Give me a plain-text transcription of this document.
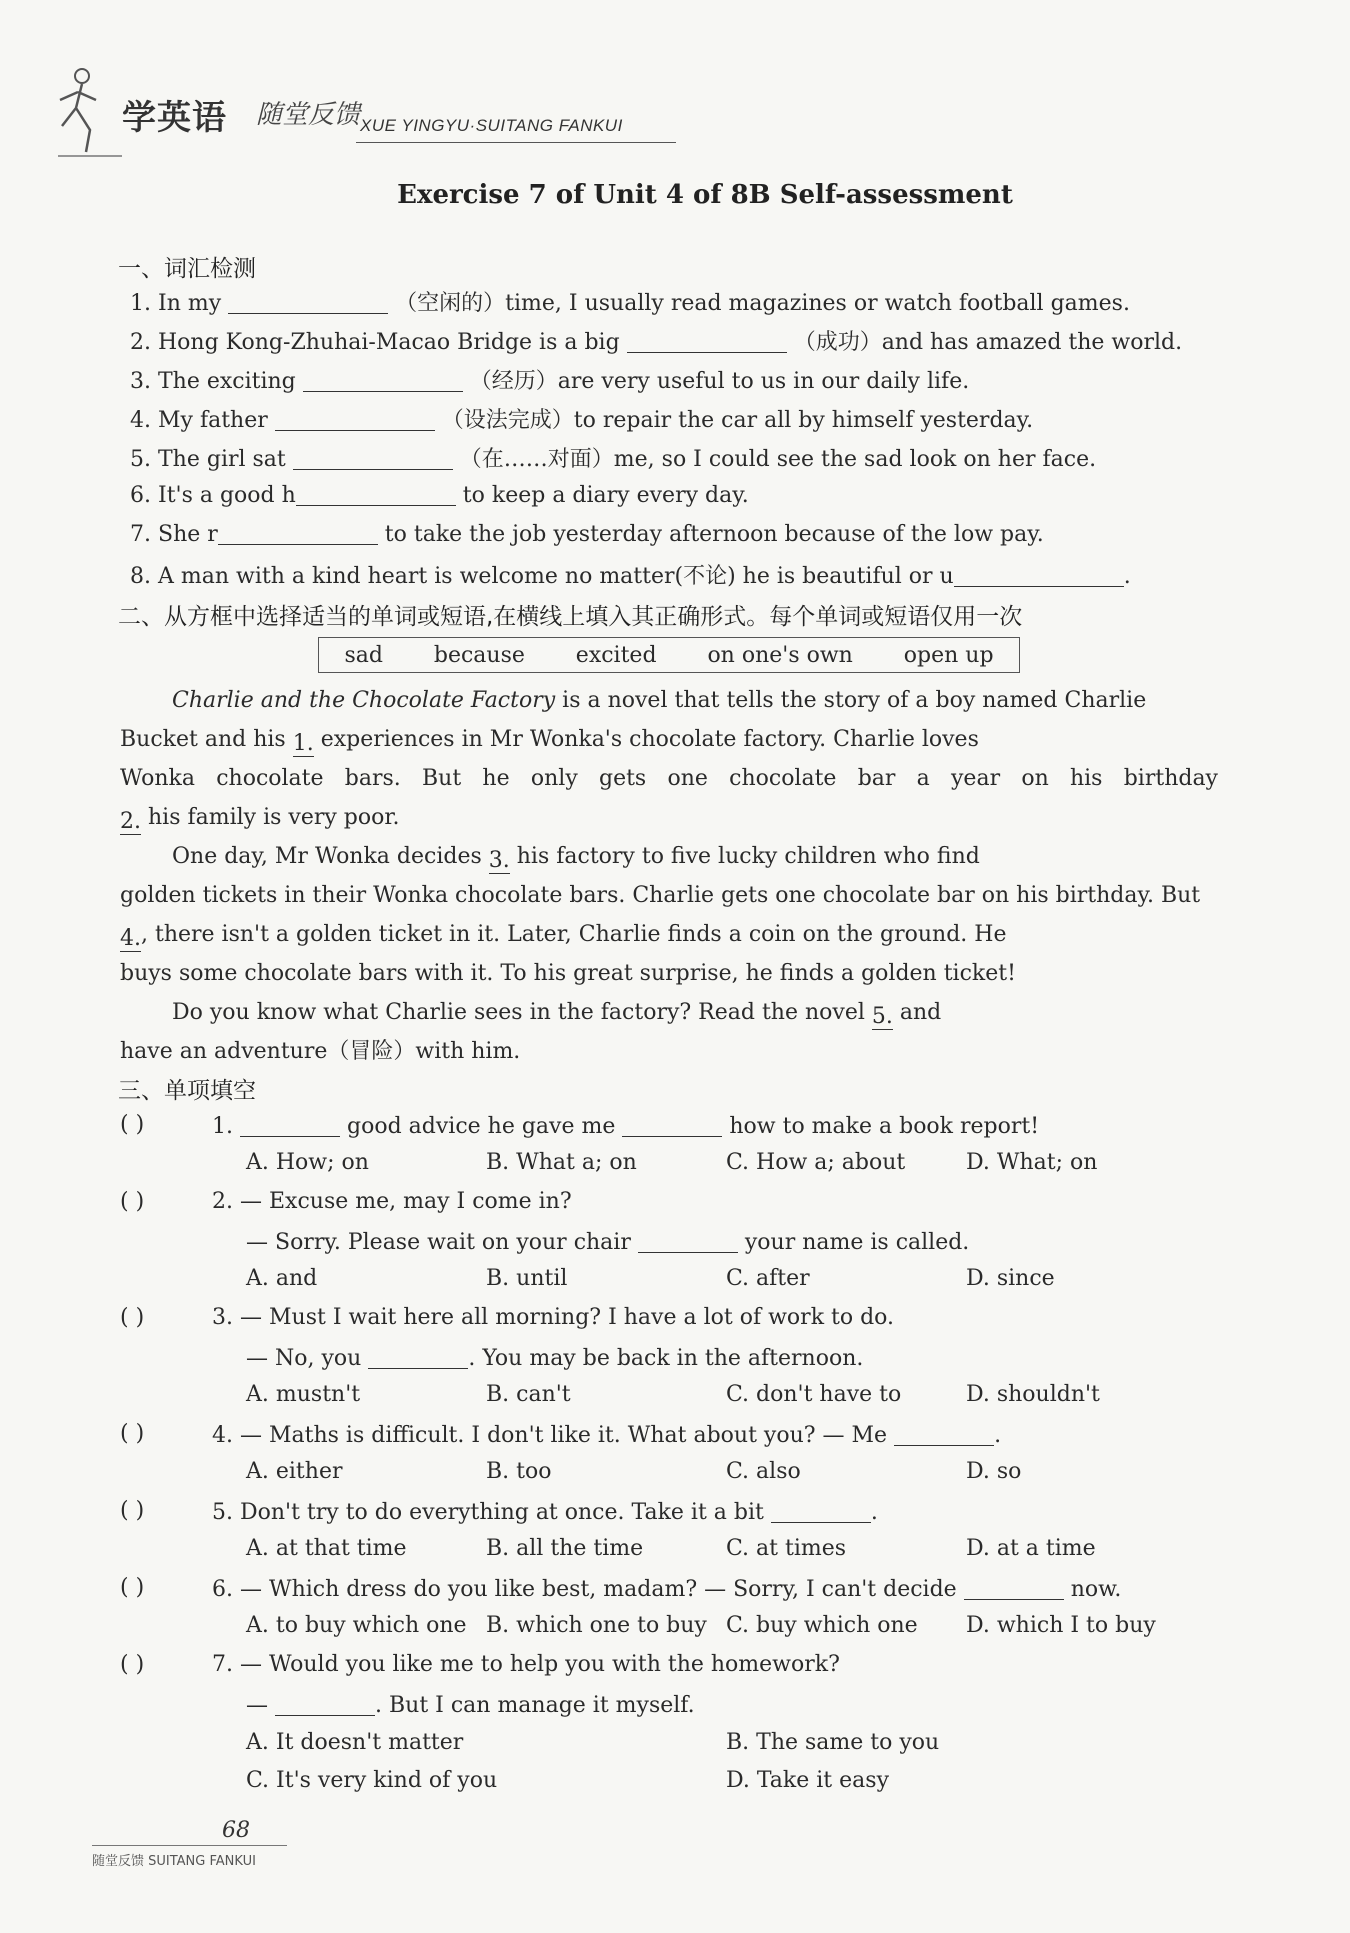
学英语 随堂反馈 XUE YINGYU·SUITANG FANKUI
Exercise 7 of Unit 4 of 8B Self-assessment
一、词汇检测
1. In my	（空闲的）time, I usually read magazines or watch football games.
2. Hong Kong-Zhuhai-Macao Bridge is a big	（成功）and has amazed the world.
3. The exciting	（经历）are very useful to us in our daily life.
4. My father	（设法完成）to repair the car all by himself yesterday.
5. The girl sat	（在……对面）me, so I could see the sad look on her face.
6. It's a good h	to keep a diary every day.
7. She r	to take the job yesterday afternoon because of the low pay.
8. A man with a kind heart is welcome no matter(不论) he is beautiful or u	.
二、从方框中选择适当的单词或短语,在横线上填入其正确形式。每个单词或短语仅用一次
sad because excited on one's own open up
Charlie and the Chocolate Factory is a novel that tells the story of a boy named Charlie
Bucket and his 1. experiences in Mr Wonka's chocolate factory. Charlie loves
Wonka chocolate bars. But he only gets one chocolate bar a year on his birthday
2. his family is very poor.
One day, Mr Wonka decides 3. his factory to five lucky children who find
golden tickets in their Wonka chocolate bars. Charlie gets one chocolate bar on his birthday. But
4., there isn't a golden ticket in it. Later, Charlie finds a coin on the ground. He
buys some chocolate bars with it. To his great surprise, he finds a golden ticket!
Do you know what Charlie sees in the factory? Read the novel 5. and
have an adventure（冒险）with him.
三、单项填空
( )	1.	good advice he gave me	how to make a book report!
A. How; on	B. What a; on	C. How a; about	D. What; on
( )	2. — Excuse me, may I come in?
— Sorry. Please wait on your chair	your name is called.
A. and	B. until	C. after	D. since
( )	3. — Must I wait here all morning? I have a lot of work to do.
— No, you	. You may be back in the afternoon.
A. mustn't	B. can't	C. don't have to	D. shouldn't
( )	4. — Maths is difficult. I don't like it. What about you? — Me	.
A. either	B. too	C. also	D. so
( )	5. Don't try to do everything at once. Take it a bit	.
A. at that time	B. all the time	C. at times	D. at a time
( )	6. — Which dress do you like best, madam? — Sorry, I can't decide	now.
A. to buy which one B. which one to buy C. buy which one D. which I to buy
( )	7. — Would you like me to help you with the homework?
—	. But I can manage it myself.
A. It doesn't matter	B. The same to you
C. It's very kind of you	D. Take it easy
68
随堂反馈 SUITANG FANKUI
